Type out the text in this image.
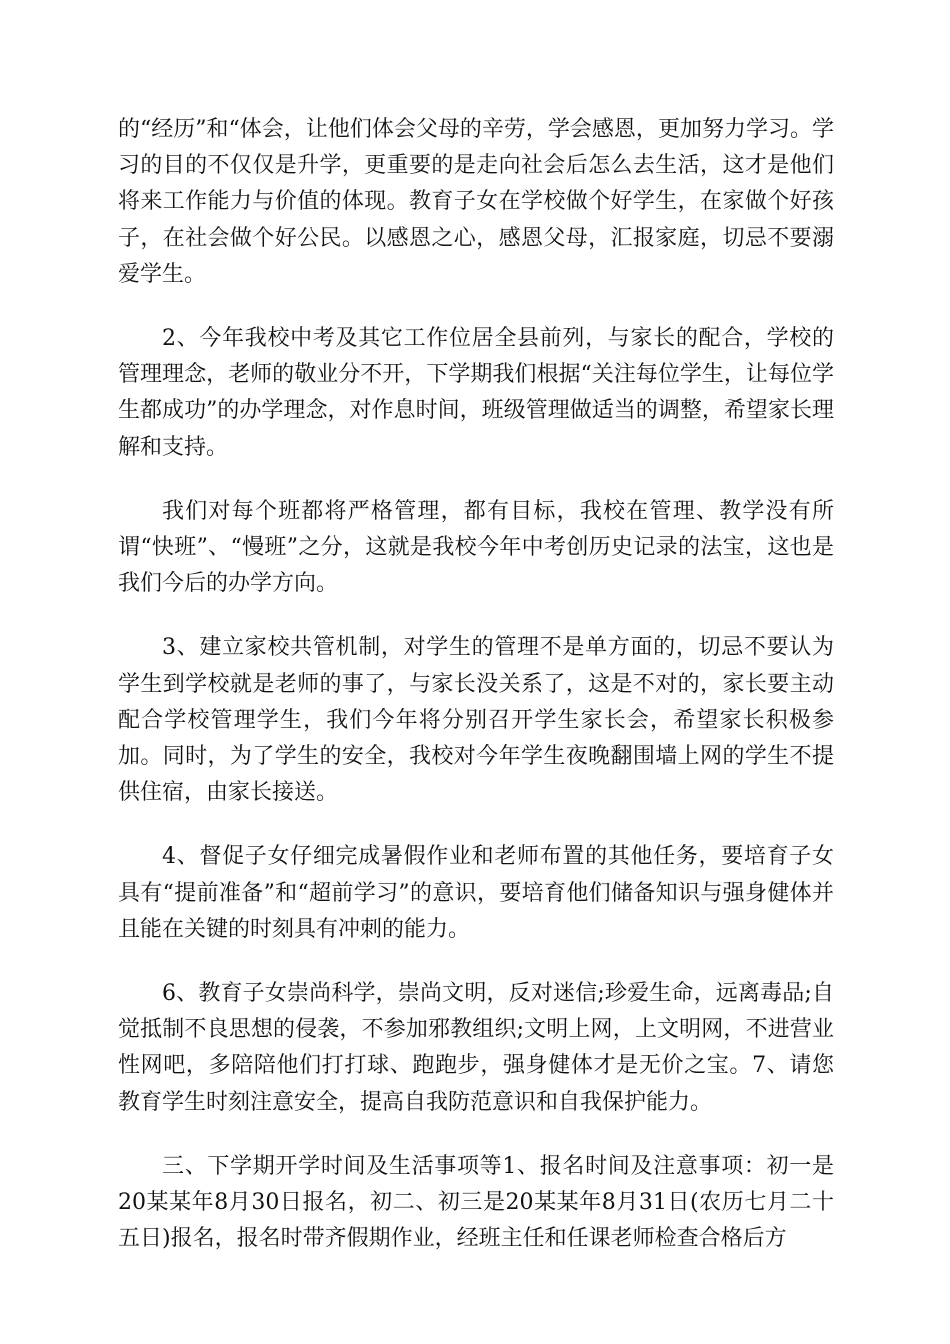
的“经历”和“体会，让他们体会父母的辛劳，学会感恩，更加努力学习。学习的目的不仅仅是升学，更重要的是走向社会后怎么去生活，这才是他们将来工作能力与价值的体现。教育子女在学校做个好学生，在家做个好孩子，在社会做个好公民。以感恩之心，感恩父母，汇报家庭，切忌不要溺爱学生。

2、今年我校中考及其它工作位居全县前列，与家长的配合，学校的管理理念，老师的敬业分不开，下学期我们根据“关注每位学生，让每位学生都成功”的办学理念，对作息时间，班级管理做适当的调整，希望家长理解和支持。

我们对每个班都将严格管理，都有目标，我校在管理、教学没有所谓“快班”、“慢班”之分，这就是我校今年中考创历史记录的法宝，这也是我们今后的办学方向。

3、建立家校共管机制，对学生的管理不是单方面的，切忌不要认为学生到学校就是老师的事了，与家长没关系了，这是不对的，家长要主动配合学校管理学生，我们今年将分别召开学生家长会，希望家长积极参加。同时，为了学生的安全，我校对今年学生夜晚翻围墙上网的学生不提供住宿，由家长接送。

4、督促子女仔细完成暑假作业和老师布置的其他任务，要培育子女具有“提前准备”和“超前学习”的意识，要培育他们储备知识与强身健体并且能在关键的时刻具有冲刺的能力。

6、教育子女崇尚科学，崇尚文明，反对迷信;珍爱生命，远离毒品;自觉抵制不良思想的侵袭，不参加邪教组织;文明上网，上文明网，不进营业性网吧，多陪陪他们打打球、跑跑步，强身健体才是无价之宝。7、请您教育学生时刻注意安全，提高自我防范意识和自我保护能力。

三、下学期开学时间及生活事项等1、报名时间及注意事项：初一是20某某年8月30日报名，初二、初三是20某某年8月31日(农历七月二十五日)报名，报名时带齐假期作业，经班主任和任课老师检查合格后方
